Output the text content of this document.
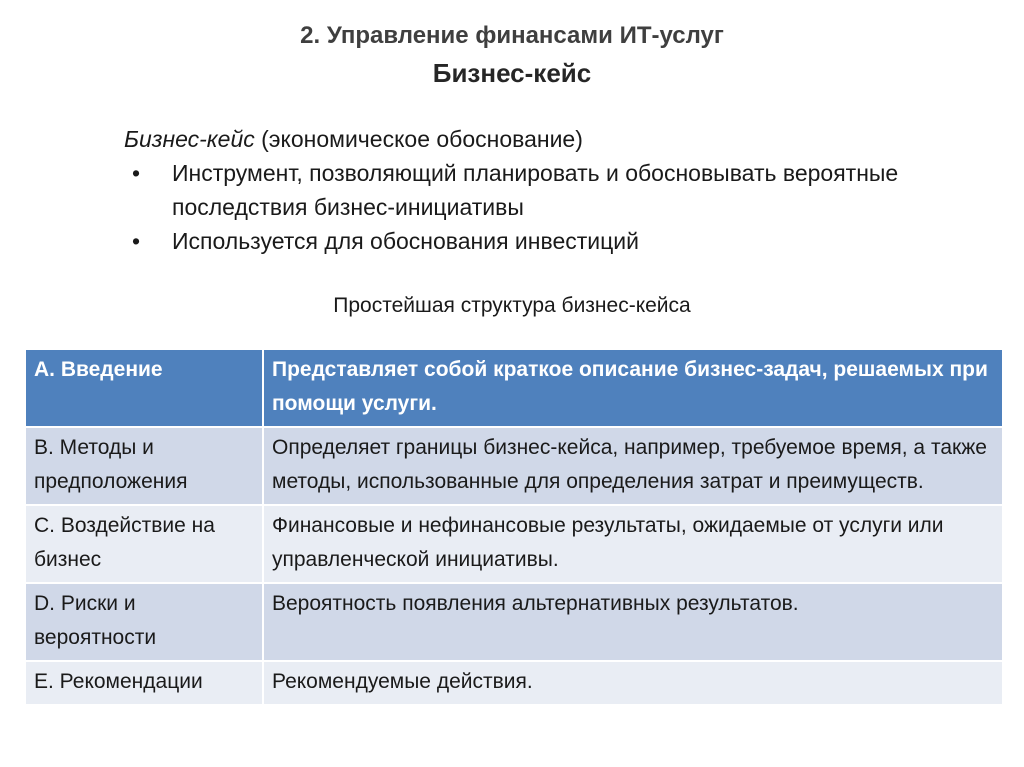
2. Управление финансами ИТ-услуг
Бизнес-кейс
Бизнес-кейс (экономическое обоснование)
• Инструмент, позволяющий планировать и обосновывать вероятные последствия бизнес-инициативы
• Используется для обоснования инвестиций
Простейшая структура бизнес-кейса
A. Введение	Представляет собой краткое описание бизнес-задач, решаемых при помощи услуги.
B. Методы и предположения	Определяет границы бизнес-кейса, например, требуемое время, а также методы, использованные для определения затрат и преимуществ.
C. Воздействие на бизнес	Финансовые и нефинансовые результаты, ожидаемые от услуги или управленческой инициативы.
D. Риски и вероятности	Вероятность появления альтернативных результатов.
E. Рекомендации	Рекомендуемые действия.
